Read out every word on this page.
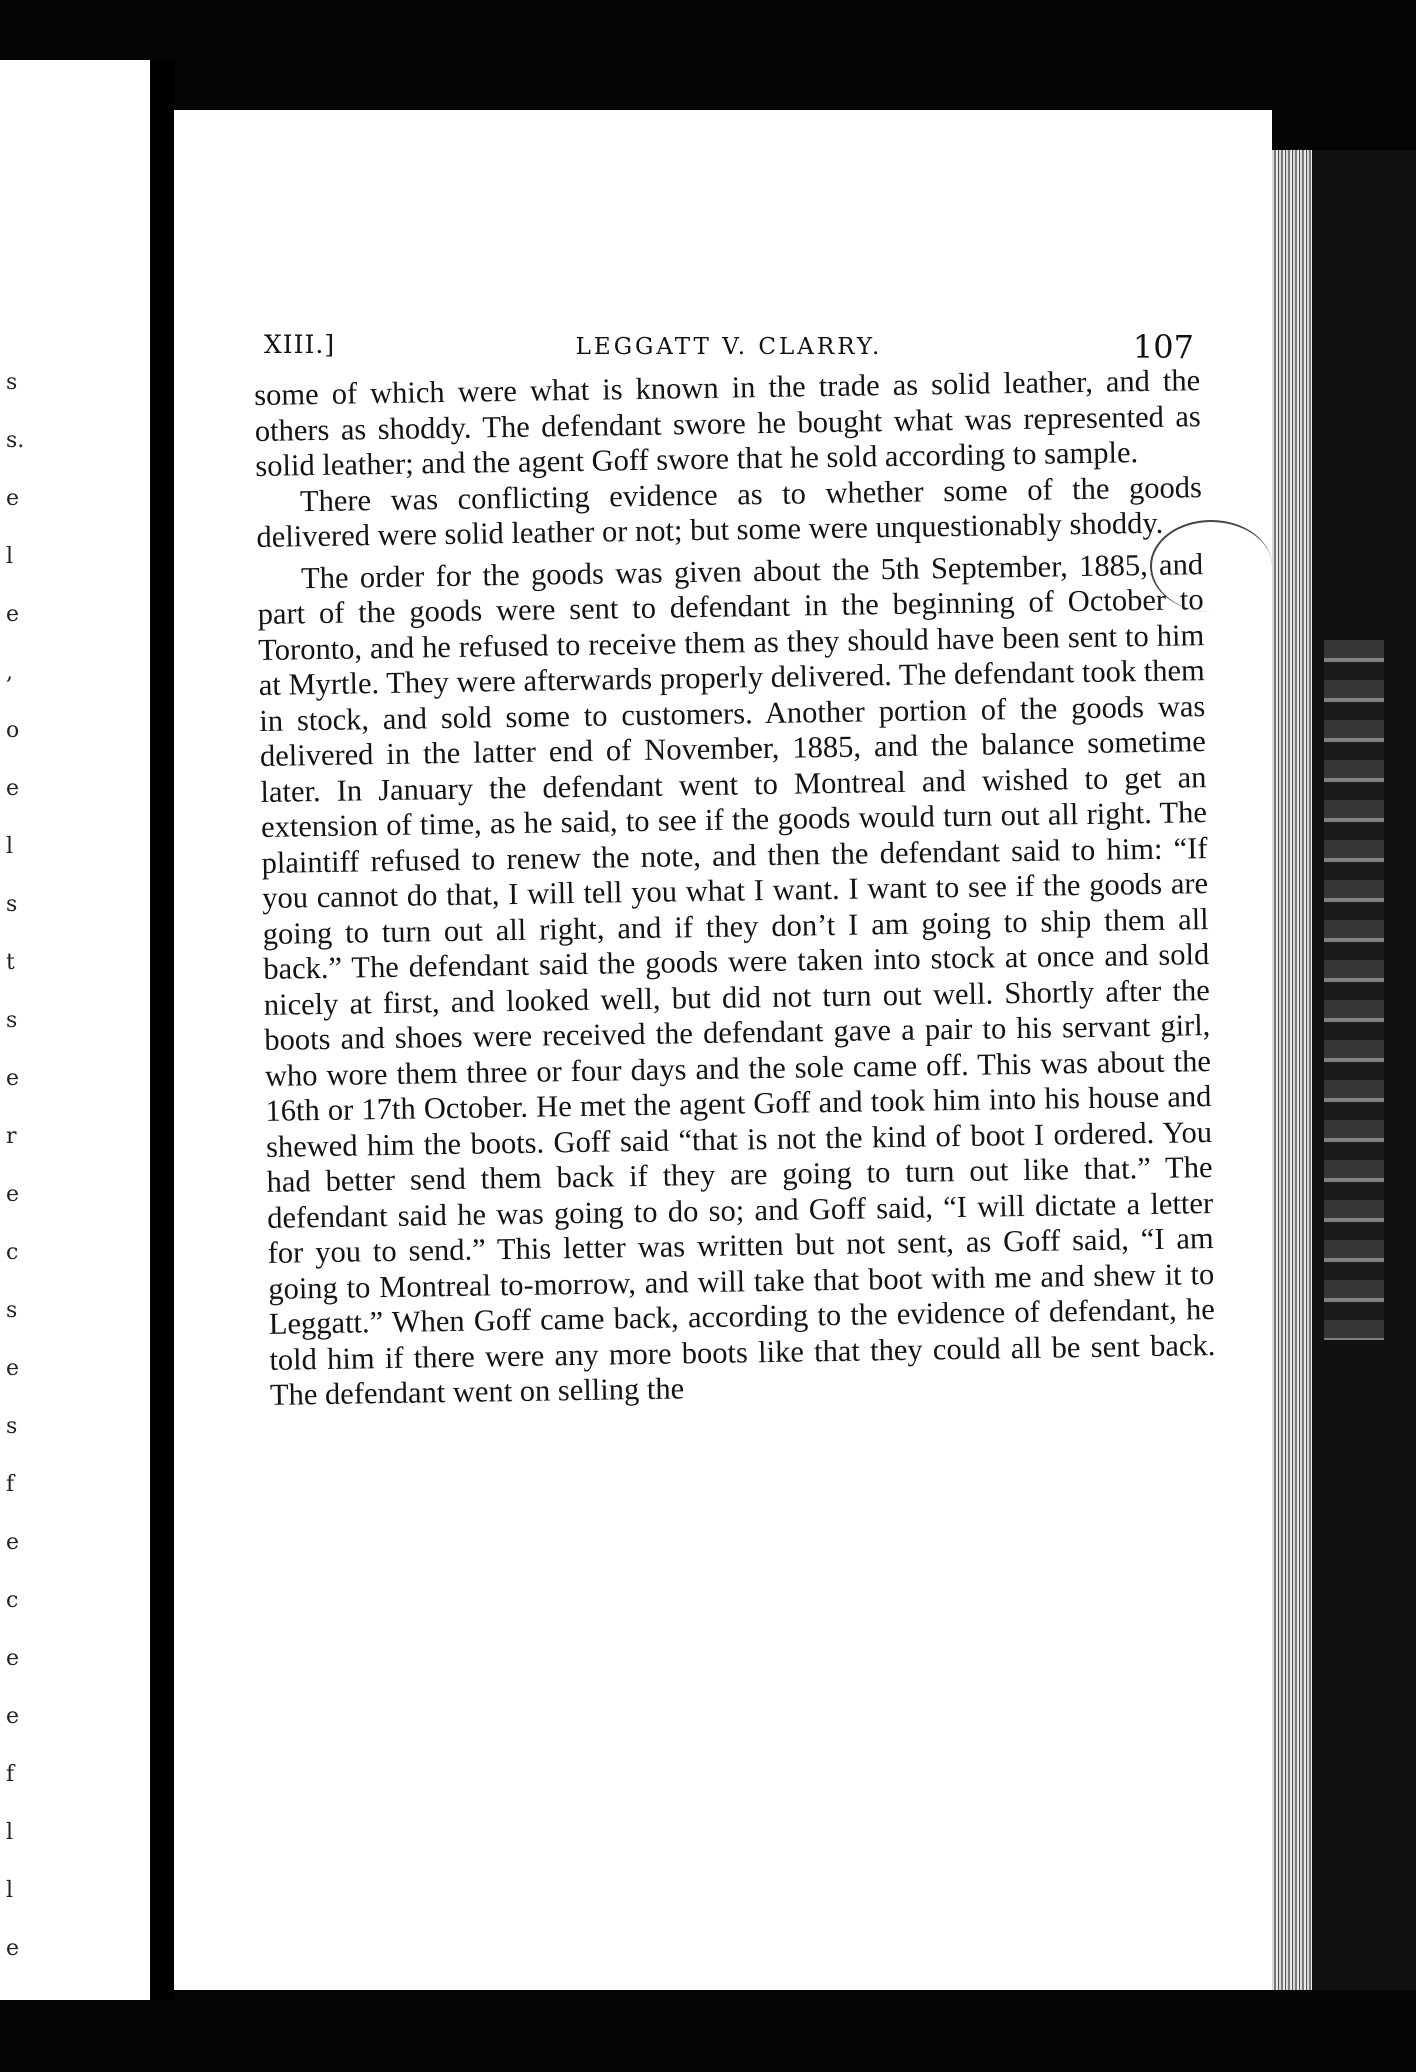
s
s.
e
l
e
,
o
e
l
s
t
s
e
r
e
c
s
e
s
f
e
c
e
e
f
l
l
e
XIII.]	LEGGATT V. CLARRY.	107

some of which were what is known in the trade as solid leather, and the others as shoddy. The defendant swore he bought what was represented as solid leather; and the agent Goff swore that he sold according to sample.

There was conflicting evidence as to whether some of the goods delivered were solid leather or not; but some were unquestionably shoddy.

The order for the goods was given about the 5th September, 1885, and part of the goods were sent to defendant in the beginning of October to Toronto, and he refused to receive them as they should have been sent to him at Myrtle. They were afterwards properly delivered. The defendant took them in stock, and sold some to customers. Another portion of the goods was delivered in the latter end of November, 1885, and the balance sometime later. In January the defendant went to Montreal and wished to get an extension of time, as he said, to see if the goods would turn out all right. The plaintiff refused to renew the note, and then the defendant said to him: “If you cannot do that, I will tell you what I want. I want to see if the goods are going to turn out all right, and if they don’t I am going to ship them all back.” The defendant said the goods were taken into stock at once and sold nicely at first, and looked well, but did not turn out well. Shortly after the boots and shoes were received the defendant gave a pair to his servant girl, who wore them three or four days and the sole came off. This was about the 16th or 17th October. He met the agent Goff and took him into his house and shewed him the boots. Goff said “that is not the kind of boot I ordered. You had better send them back if they are going to turn out like that.” The defendant said he was going to do so; and Goff said, “I will dictate a letter for you to send.” This letter was written but not sent, as Goff said, “I am going to Montreal to-morrow, and will take that boot with me and shew it to Leggatt.” When Goff came back, according to the evidence of defendant, he told him if there were any more boots like that they could all be sent back. The defendant went on selling the
